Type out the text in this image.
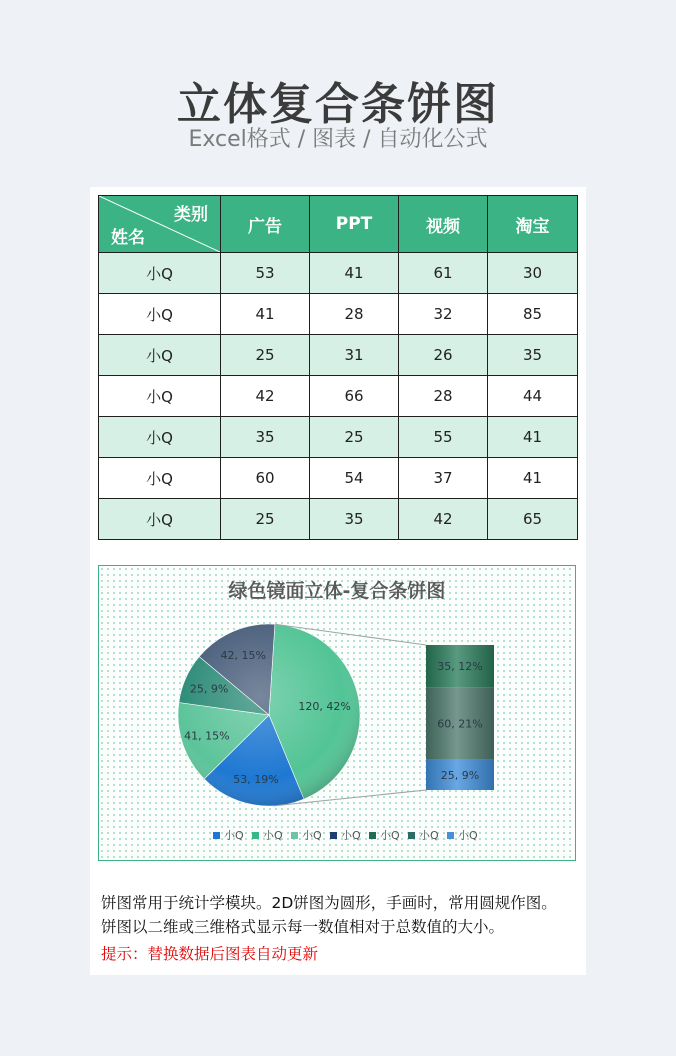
立体复合条饼图
Excel格式 / 图表 / 自动化公式
类别
姓名	广告	PPT	视频	淘宝
小Q	53	41	61	30
小Q	41	28	32	85
小Q	25	31	26	35
小Q	42	66	28	44
小Q	35	25	55	41
小Q	60	54	37	41
小Q	25	35	42	65
绿色镜面立体-复合条饼图
120, 42%
53, 19%
41, 15%
25, 9%
42, 15%
35, 12%
60, 21%
25, 9%
小Q 小Q 小Q 小Q 小Q 小Q 小Q
饼图常用于统计学模块。2D饼图为圆形，手画时，常用圆规作图。
饼图以二维或三维格式显示每一数值相对于总数值的大小。
提示：替换数据后图表自动更新
